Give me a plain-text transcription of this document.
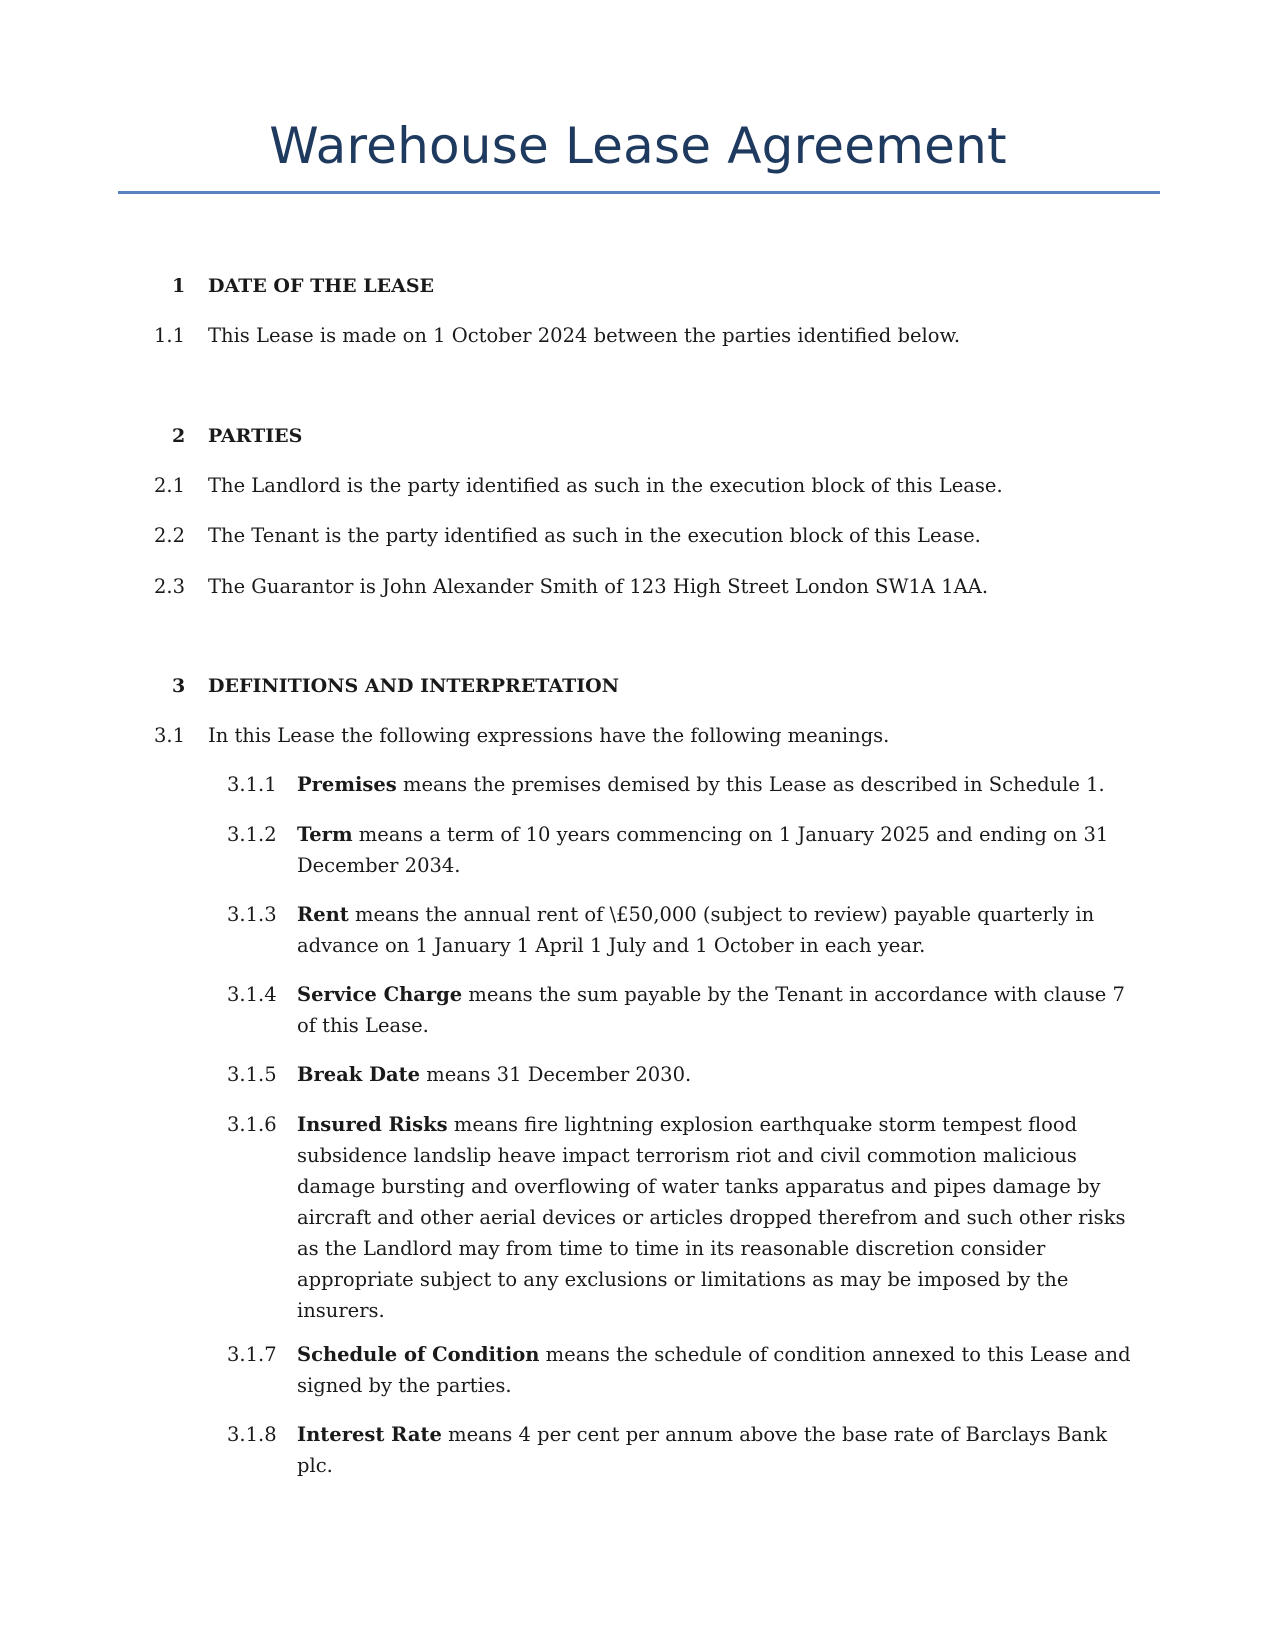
Warehouse Lease Agreement
1 DATE OF THE LEASE
1.1 This Lease is made on 1 October 2024 between the parties identified below.
2 PARTIES
2.1 The Landlord is the party identified as such in the execution block of this Lease.
2.2 The Tenant is the party identified as such in the execution block of this Lease.
2.3 The Guarantor is John Alexander Smith of 123 High Street London SW1A 1AA.
3 DEFINITIONS AND INTERPRETATION
3.1 In this Lease the following expressions have the following meanings.
3.1.1 Premises means the premises demised by this Lease as described in Schedule 1.
3.1.2 Term means a term of 10 years commencing on 1 January 2025 and ending on 31 December 2034.
3.1.3 Rent means the annual rent of \£50,000 (subject to review) payable quarterly in advance on 1 January 1 April 1 July and 1 October in each year.
3.1.4 Service Charge means the sum payable by the Tenant in accordance with clause 7 of this Lease.
3.1.5 Break Date means 31 December 2030.
3.1.6 Insured Risks means fire lightning explosion earthquake storm tempest flood subsidence landslip heave impact terrorism riot and civil commotion malicious damage bursting and overflowing of water tanks apparatus and pipes damage by aircraft and other aerial devices or articles dropped therefrom and such other risks as the Landlord may from time to time in its reasonable discretion consider appropriate subject to any exclusions or limitations as may be imposed by the insurers.
3.1.7 Schedule of Condition means the schedule of condition annexed to this Lease and signed by the parties.
3.1.8 Interest Rate means 4 per cent per annum above the base rate of Barclays Bank plc.
